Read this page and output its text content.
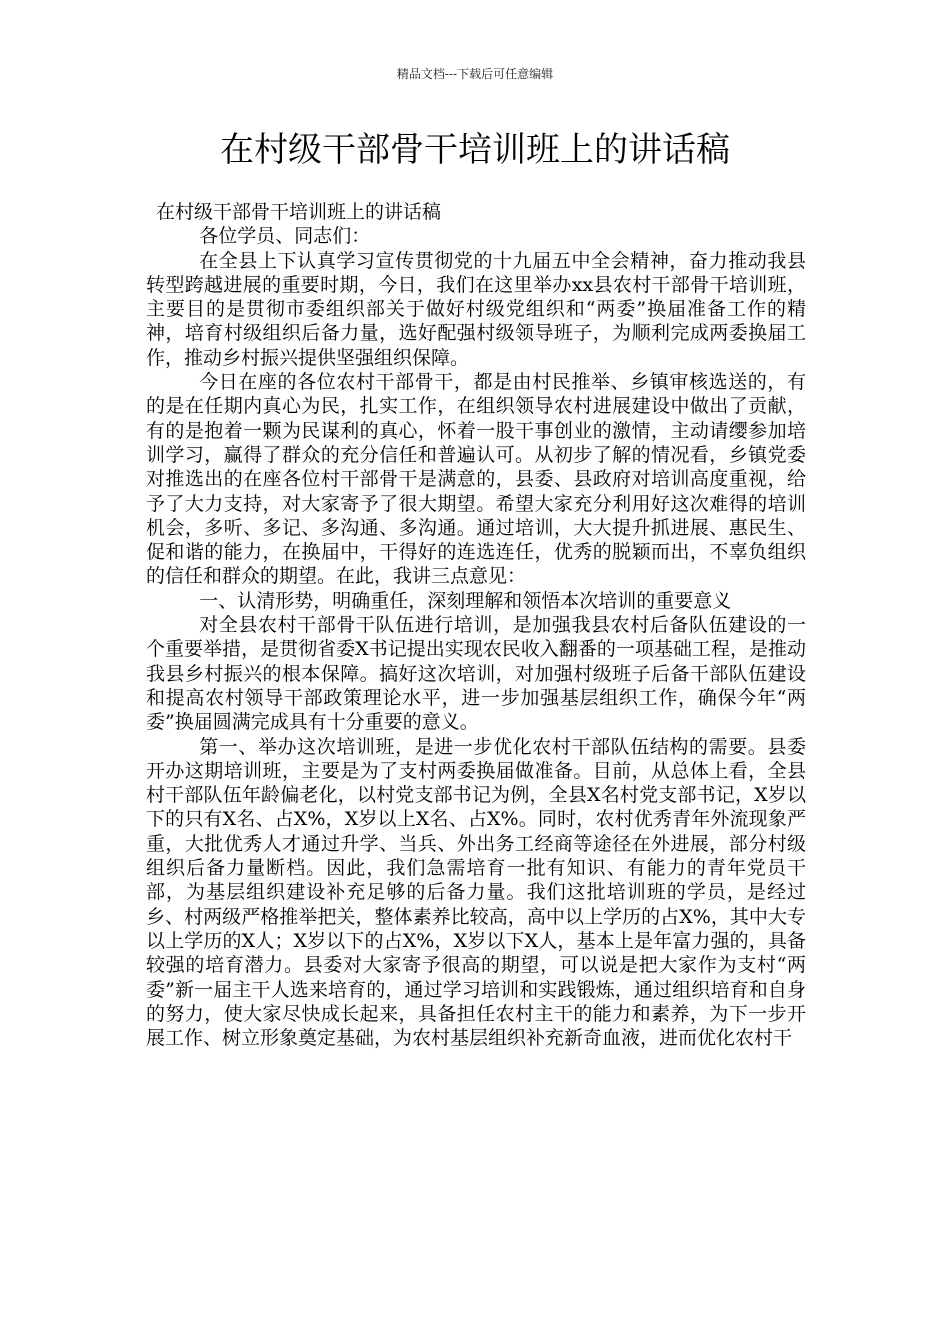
精品文档---下载后可任意编辑
在村级干部骨干培训班上的讲话稿

在村级干部骨干培训班上的讲话稿

各位学员、同志们：

在全县上下认真学习宣传贯彻党的十九届五中全会精神，奋力推动我县转型跨越进展的重要时期，今日，我们在这里举办xx县农村干部骨干培训班，主要目的是贯彻市委组织部关于做好村级党组织和“两委”换届准备工作的精神，培育村级组织后备力量，选好配强村级领导班子，为顺利完成两委换届工作，推动乡村振兴提供坚强组织保障。

今日在座的各位农村干部骨干，都是由村民推举、乡镇审核选送的，有的是在任期内真心为民，扎实工作，在组织领导农村进展建设中做出了贡献，有的是抱着一颗为民谋利的真心，怀着一股干事创业的激情，主动请缨参加培训学习，赢得了群众的充分信任和普遍认可。从初步了解的情况看，乡镇党委对推选出的在座各位村干部骨干是满意的，县委、县政府对培训高度重视，给予了大力支持，对大家寄予了很大期望。希望大家充分利用好这次难得的培训机会，多听、多记、多沟通、多沟通。通过培训，大大提升抓进展、惠民生、促和谐的能力，在换届中，干得好的连选连任，优秀的脱颖而出，不辜负组织的信任和群众的期望。在此，我讲三点意见：

一、认清形势，明确重任，深刻理解和领悟本次培训的重要意义

对全县农村干部骨干队伍进行培训，是加强我县农村后备队伍建设的一个重要举措，是贯彻省委X书记提出实现农民收入翻番的一项基础工程，是推动我县乡村振兴的根本保障。搞好这次培训，对加强村级班子后备干部队伍建设和提高农村领导干部政策理论水平，进一步加强基层组织工作，确保今年“两委”换届圆满完成具有十分重要的意义。

第一、举办这次培训班，是进一步优化农村干部队伍结构的需要。县委开办这期培训班，主要是为了支村两委换届做准备。目前，从总体上看，全县村干部队伍年龄偏老化，以村党支部书记为例，全县X名村党支部书记，X岁以下的只有X名、占X%，X岁以上X名、占X%。同时，农村优秀青年外流现象严重，大批优秀人才通过升学、当兵、外出务工经商等途径在外进展，部分村级组织后备力量断档。因此，我们急需培育一批有知识、有能力的青年党员干部，为基层组织建设补充足够的后备力量。我们这批培训班的学员，是经过乡、村两级严格推举把关，整体素养比较高，高中以上学历的占X%，其中大专以上学历的X人；X岁以下的占X%，X岁以下X人，基本上是年富力强的，具备较强的培育潜力。县委对大家寄予很高的期望，可以说是把大家作为支村“两委”新一届主干人选来培育的，通过学习培训和实践锻炼，通过组织培育和自身的努力，使大家尽快成长起来，具备担任农村主干的能力和素养，为下一步开展工作、树立形象奠定基础，为农村基层组织补充新奇血液，进而优化农村干
